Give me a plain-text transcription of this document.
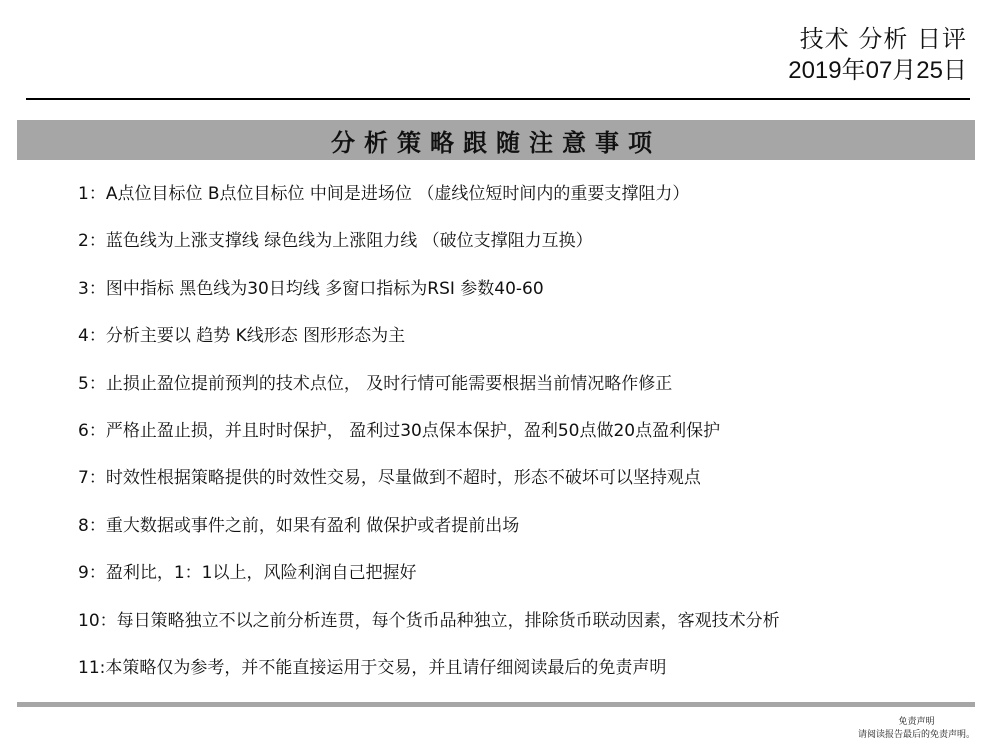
技术 分析 日评
2019年07月25日
分析策略跟随注意事项
1：A点位目标位 B点位目标位 中间是进场位 （虚线位短时间内的重要支撑阻力）
2：蓝色线为上涨支撑线 绿色线为上涨阻力线 （破位支撑阻力互换）
3：图中指标 黑色线为30日均线 多窗口指标为RSI 参数40-60
4：分析主要以 趋势 K线形态 图形形态为主
5：止损止盈位提前预判的技术点位， 及时行情可能需要根据当前情况略作修正
6：严格止盈止损，并且时时保护， 盈利过30点保本保护，盈利50点做20点盈利保护
7：时效性根据策略提供的时效性交易，尽量做到不超时，形态不破坏可以坚持观点
8：重大数据或事件之前，如果有盈利 做保护或者提前出场
9：盈利比，1：1以上，风险利润自己把握好
10：每日策略独立不以之前分析连贯，每个货币品种独立，排除货币联动因素，客观技术分析
11:本策略仅为参考，并不能直接运用于交易，并且请仔细阅读最后的免责声明
免责声明
请阅读报告最后的免责声明。
